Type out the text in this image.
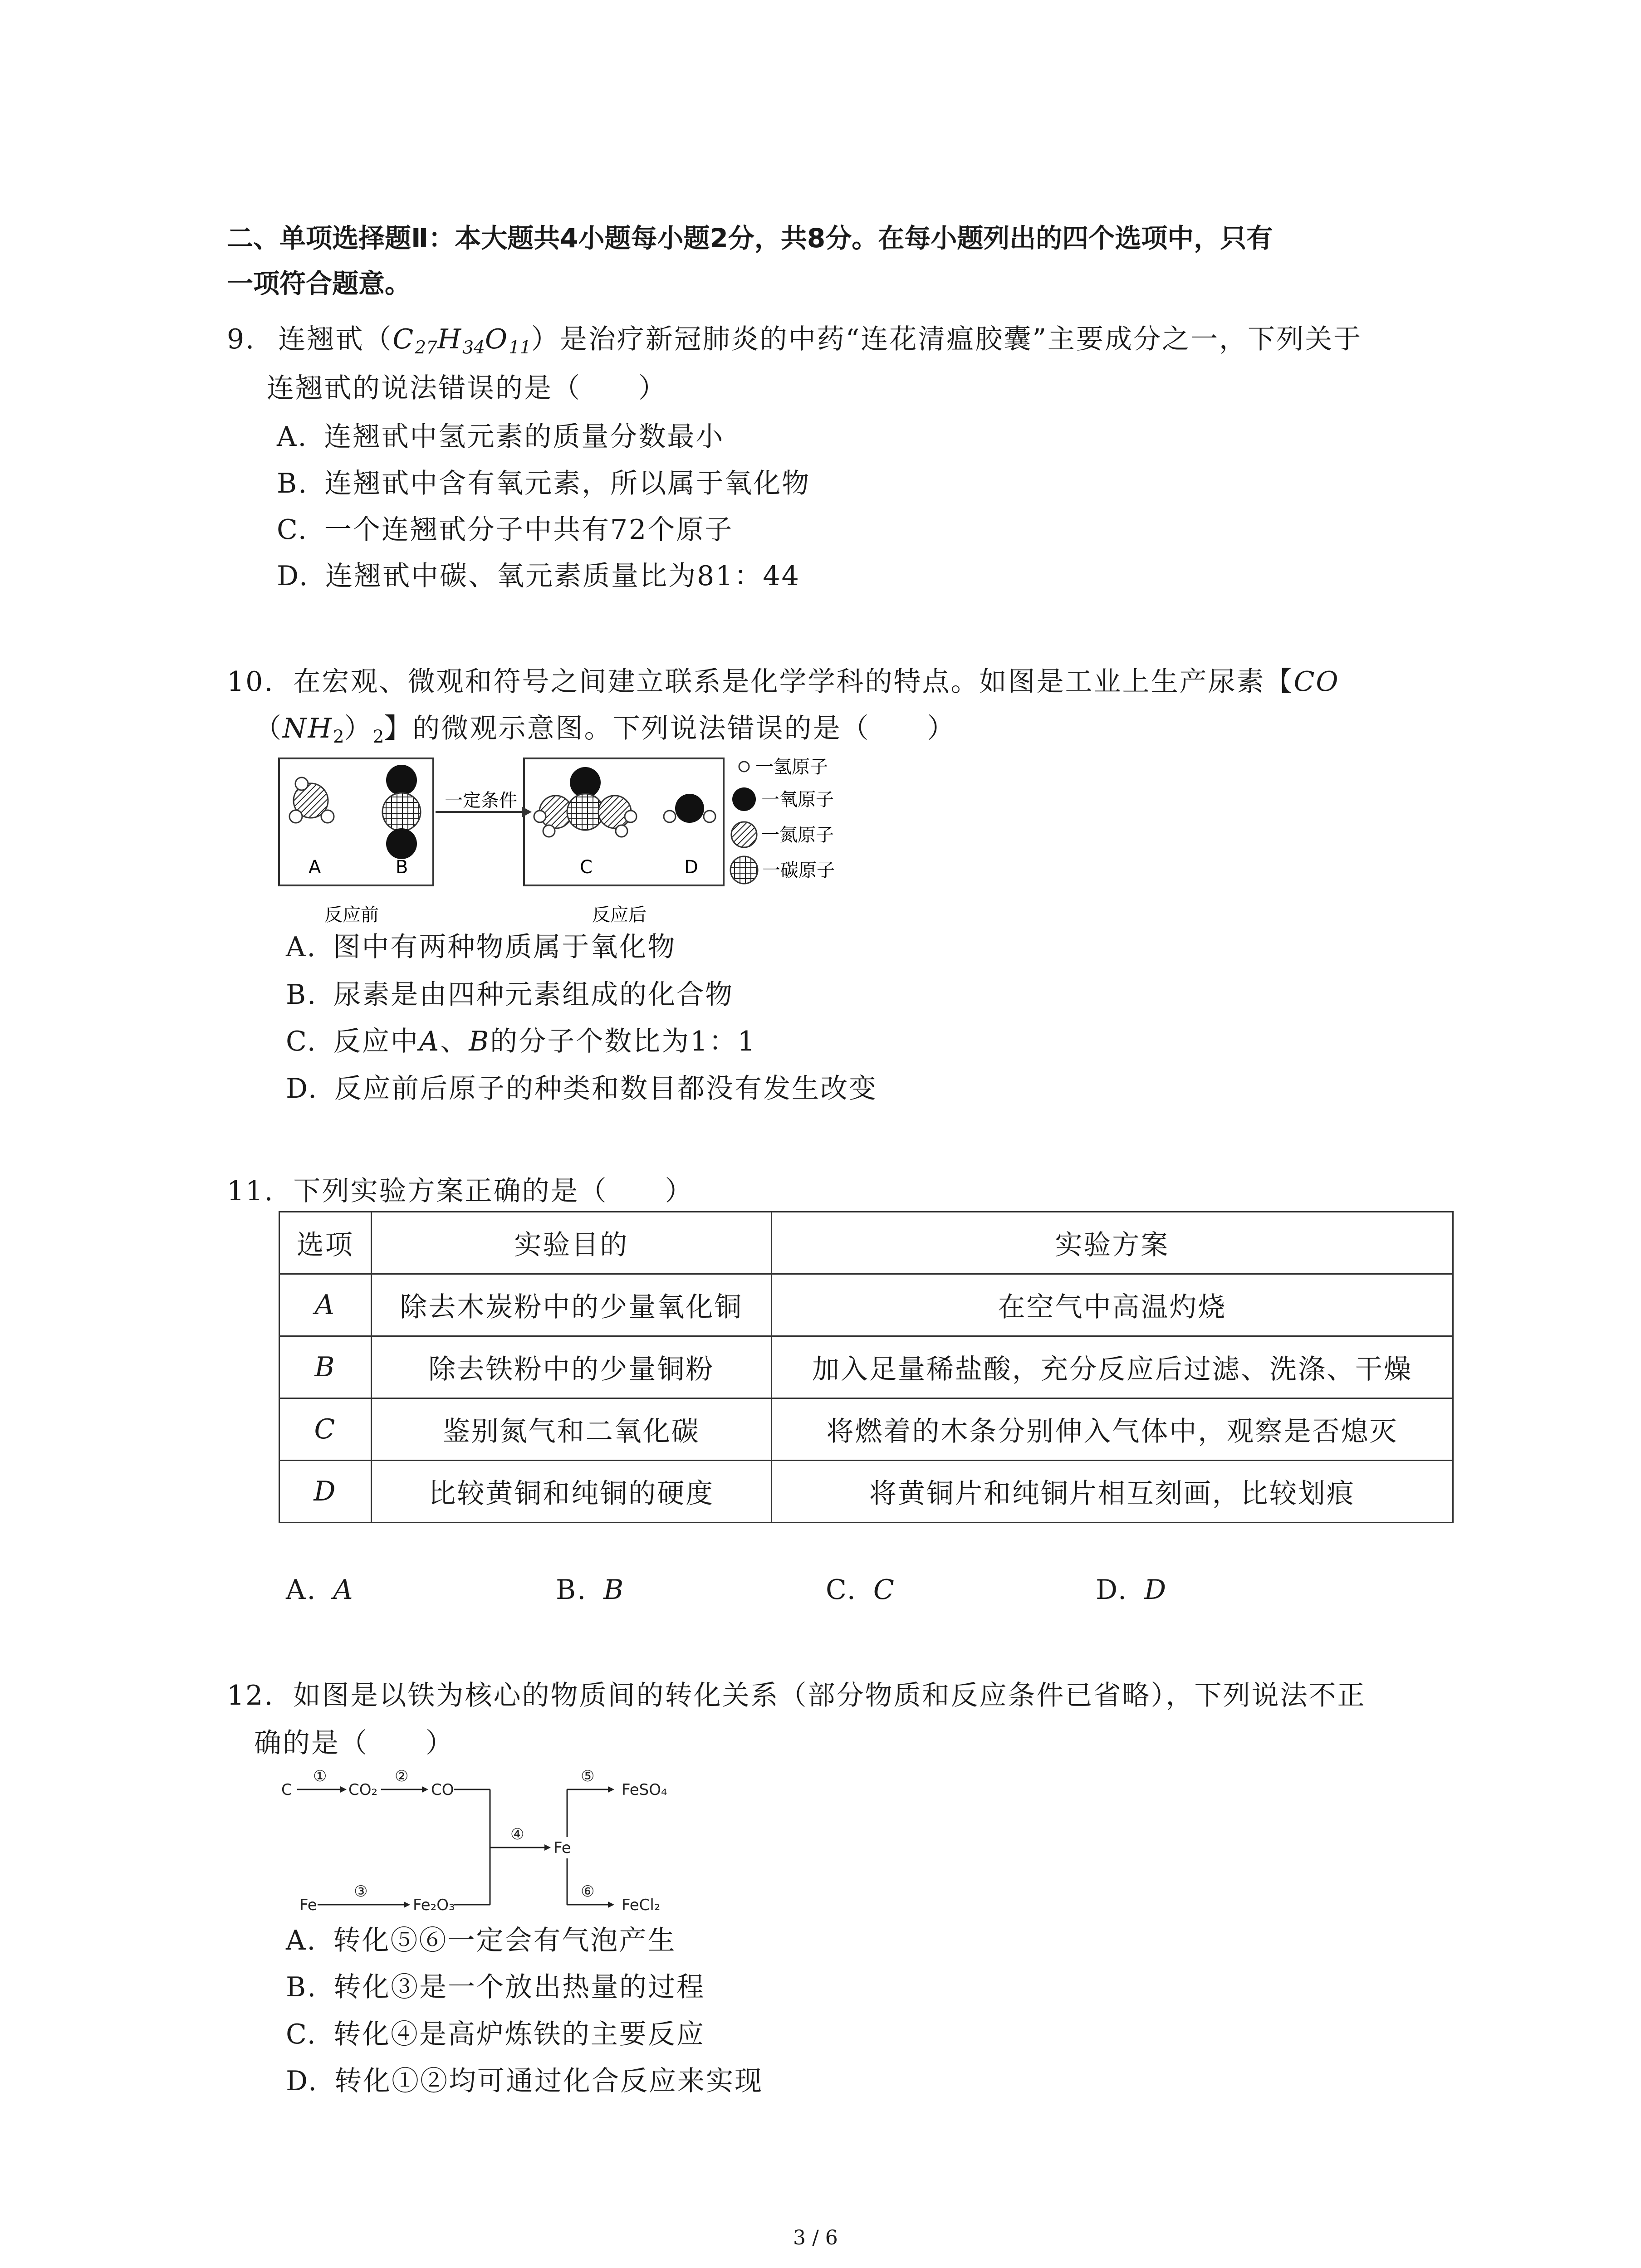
二、单项选择题Ⅱ：本大题共4小题每小题2分，共8分。在每小题列出的四个选项中，只有
一项符合题意。
9. 连翘甙$(C_{27}H_{34}O_{11})$是治疗新冠肺炎的中药“连花清瘟胶囊”主要成分之一，下列关于
连翘甙的说法错误的是（　　）
A. 连翘甙中氢元素的质量分数最小
B. 连翘甙中含有氧元素，所以属于氧化物
C. 一个连翘甙分子中共有72个原子
D. 连翘甙中碳、氧元素质量比为81：44
10. 在宏观、微观和符号之间建立联系是化学学科的特点。如图是工业上生产尿素【CO
$(NH_2)_2$】的微观示意图。下列说法错误的是（　　）
A	B
反应前
一定条件
C	D
反应后
一氢原子
一氧原子
一氮原子
一碳原子
A. 图中有两种物质属于氧化物
B. 尿素是由四种元素组成的化合物
C. 反应中A、B的分子个数比为1：1
D. 反应前后原子的种类和数目都没有发生改变
11. 下列实验方案正确的是（　　）
选项	实验目的	实验方案
A	除去木炭粉中的少量氧化铜	在空气中高温灼烧
B	除去铁粉中的少量铜粉	加入足量稀盐酸，充分反应后过滤、洗涤、干燥
C	鉴别氮气和二氧化碳	将燃着的木条分别伸入气体中，观察是否熄灭
D	比较黄铜和纯铜的硬度	将黄铜片和纯铜片相互刻画，比较划痕
A. A	B. B	C. C	D. D
12. 如图是以铁为核心的物质间的转化关系（部分物质和反应条件已省略），下列说法不正
确的是（　　）
C
①
CO₂
②
CO
Fe
③
Fe₂O₃
④
Fe
⑤
FeSO₄
⑥
FeCl₂
A. 转化⑤⑥一定会有气泡产生
B. 转化③是一个放出热量的过程
C. 转化④是高炉炼铁的主要反应
D. 转化①②均可通过化合反应来实现
3 / 6
